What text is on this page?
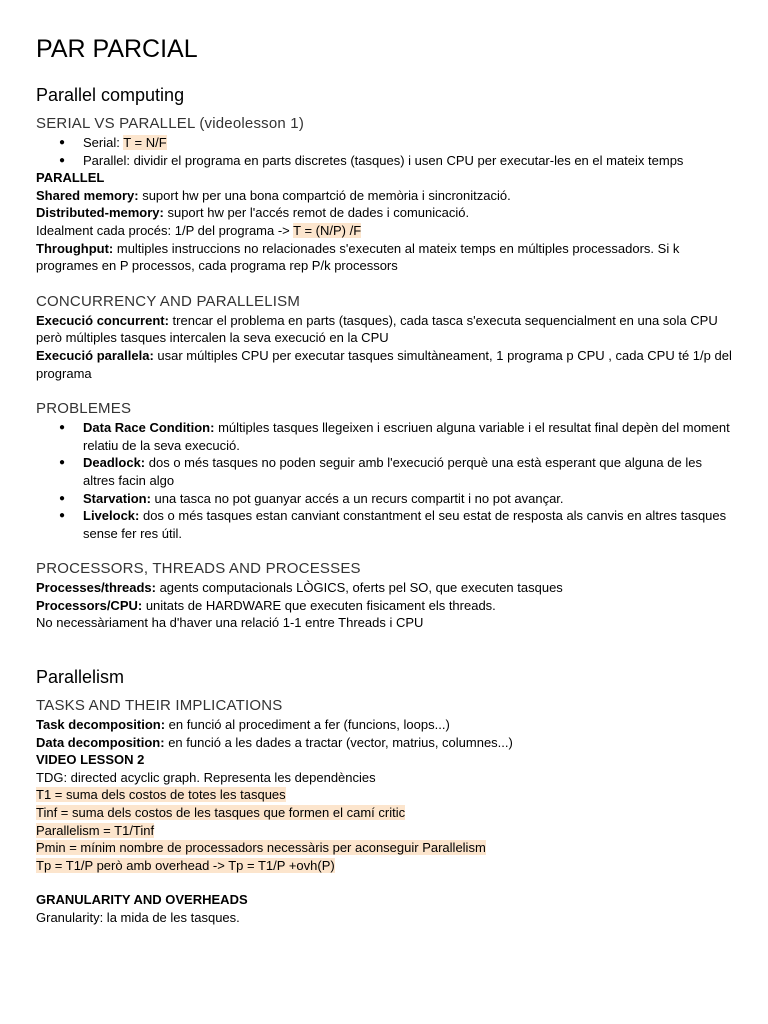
PAR PARCIAL
Parallel computing
SERIAL VS PARALLEL (videolesson 1)
● Serial: T = N/F
● Parallel: dividir el programa en parts discretes (tasques) i usen CPU per executar-les en el mateix temps

PARALLEL

Shared memory: suport hw per una bona compartció de memòria i sincronització.

Distributed-memory: suport hw per l'accés remot de dades i comunicació.

Idealment cada procés: 1/P del programa -> T = (N/P) /F

Throughput: multiples instruccions no relacionades s'executen al mateix temps en múltiples processadors. Si k programes en P processos, cada programa rep P/k processors

CONCURRENCY AND PARALLELISM

Execució concurrent: trencar el problema en parts (tasques), cada tasca s'executa sequencialment en una sola CPU però múltiples tasques intercalen la seva execució en la CPU

Execució parallela: usar múltiples CPU per executar tasques simultàneament, 1 programa p CPU , cada CPU té 1/p del programa

PROBLEMES
● Data Race Condition: múltiples tasques llegeixen i escriuen alguna variable i el resultat final depèn del moment relatiu de la seva execució.
● Deadlock: dos o més tasques no poden seguir amb l'execució perquè una està esperant que alguna de les altres facin algo
● Starvation: una tasca no pot guanyar accés a un recurs compartit i no pot avançar.
● Livelock: dos o més tasques estan canviant constantment el seu estat de resposta als canvis en altres tasques sense fer res útil.
PROCESSORS, THREADS AND PROCESSES

Processes/threads: agents computacionals LÒGICS, oferts pel SO, que executen tasques

Processors/CPU: unitats de HARDWARE que executen fisicament els threads.

No necessàriament ha d'haver una relació 1-1 entre Threads i CPU

Parallelism
TASKS AND THEIR IMPLICATIONS

Task decomposition: en funció al procediment a fer (funcions, loops...)

Data decomposition: en funció a les dades a tractar (vector, matrius, columnes...)

VIDEO LESSON 2

TDG: directed acyclic graph. Representa les dependències

T1 = suma dels costos de totes les tasques

Tinf = suma dels costos de les tasques que formen el camí critic

Parallelism = T1/Tinf

Pmin = mínim nombre de processadors necessàris per aconseguir Parallelism

Tp = T1/P però amb overhead -> Tp = T1/P +ovh(P)

GRANULARITY AND OVERHEADS

Granularity: la mida de les tasques.
